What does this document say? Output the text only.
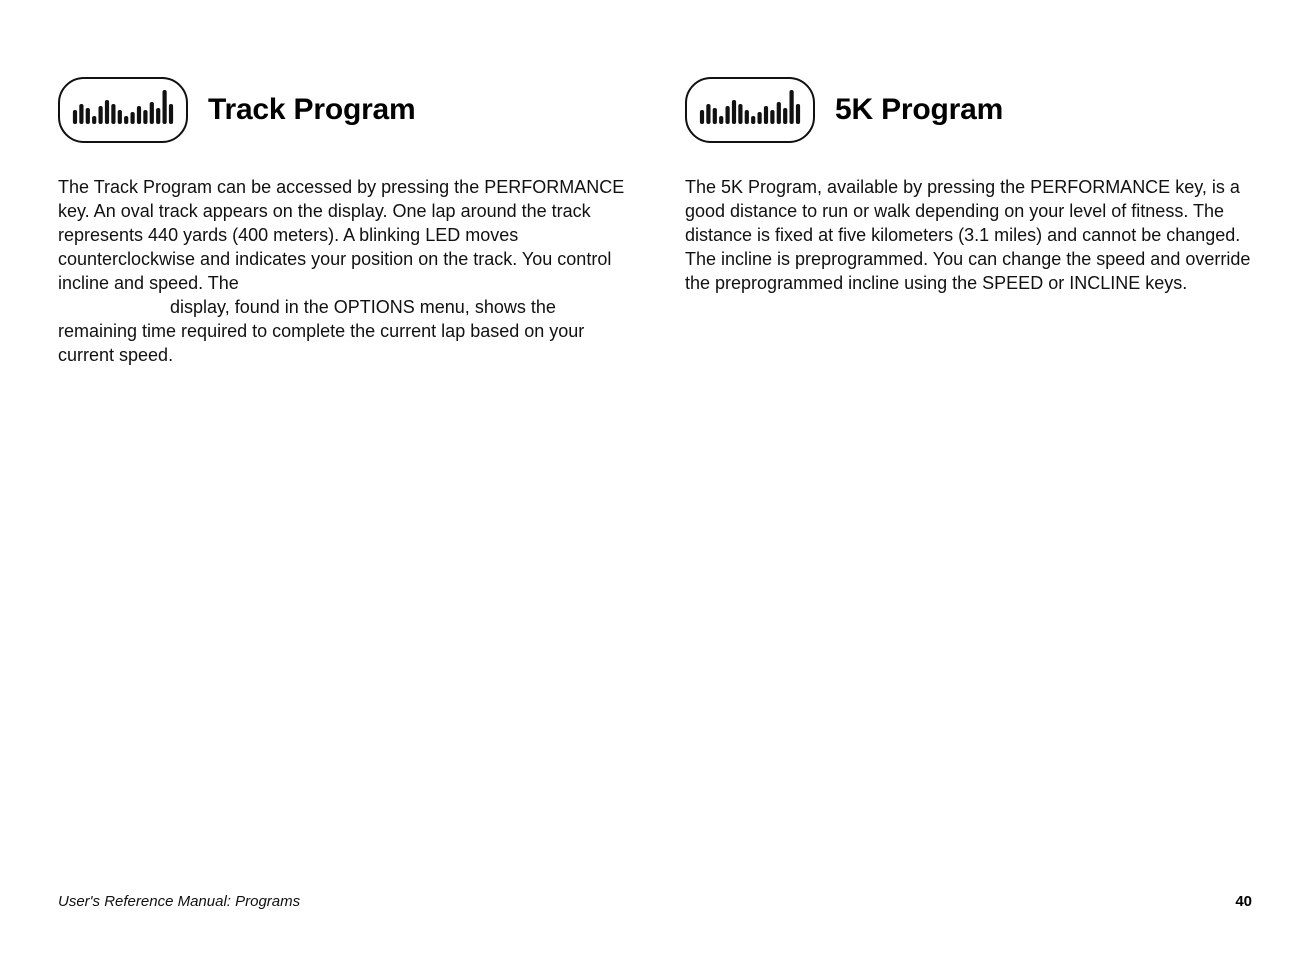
Track Program

The Track Program can be accessed by pressing the PERFORMANCE key. An oval track appears on the display. One lap around the track represents 440 yards (400 meters). A blinking LED moves counterclockwise and indicates your position on the track. You control incline and speed. The
display, found in the OPTIONS menu, shows the remaining time required to complete the current lap based on your current speed.

5K Program

The 5K Program, available by pressing the PERFORMANCE key, is a good distance to run or walk depending on your level of fitness. The distance is fixed at five kilometers (3.1 miles) and cannot be changed. The incline is preprogrammed. You can change the speed and override the preprogrammed incline using the SPEED or INCLINE keys.

User's Reference Manual: Programs	40
